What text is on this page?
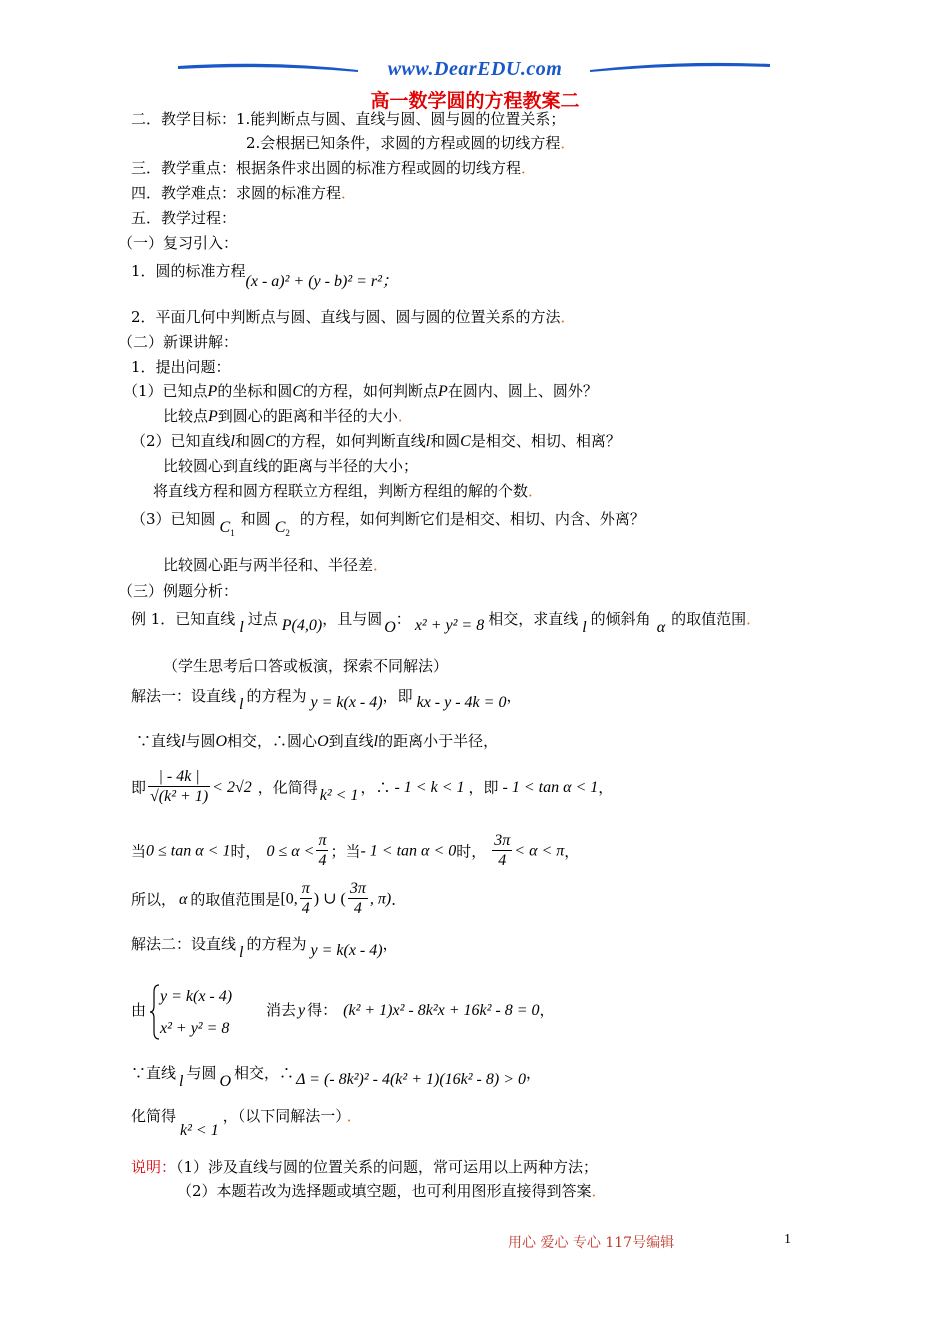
www.DearEDU.com
高一数学圆的方程教案二
二．教学目标：1.能判断点与圆、直线与圆、圆与圆的位置关系；
2.会根据已知条件，求圆的方程或圆的切线方程．
三．教学重点：根据条件求出圆的标准方程或圆的切线方程．
四．教学难点：求圆的标准方程．
五．教学过程：
（一）复习引入：
1．圆的标准方程(x - a)² + (y - b)² = r²；
2．平面几何中判断点与圆、直线与圆、圆与圆的位置关系的方法．
（二）新课讲解：
1．提出问题：
（1）已知点P的坐标和圆C的方程，如何判断点P在圆内、圆上、圆外？
比较点P到圆心的距离和半径的大小．
（2）已知直线l和圆C的方程，如何判断直线l和圆C是相交、相切、相离？
比较圆心到直线的距离与半径的大小；
将直线方程和圆方程联立方程组，判断方程组的解的个数．
（3）已知圆 $C_1$和圆 $C_2$的方程，如何判断它们是相交、相切、内含、外离？
比较圆心距与两半径和、半径差．
（三）例题分析：
例 1．已知直线 l 过点 P(4,0)，且与圆 O： x² + y² = 8 相交，求直线 l 的倾斜角 α 的取值范围．
（学生思考后口答或板演，探索不同解法）
解法一：设直线 l 的方程为 y = k(x - 4)，即 kx - y - 4k = 0，
∵直线l与圆O相交，∴圆心O到直线l的距离小于半径，
即 $\frac{| - 4k |}{\text{√(k² + 1)}} < 2√2$ ，化简得 k² < 1 ，∴ - 1 < k < 1 ，即 - 1 < tan α < 1，
当0 ≤ tan α < 1时， $0 \le \alpha < \frac{\pi}{4}$ ；当- 1 < tan α < 0时， $\frac{3\pi}{4} < \alpha < \pi$，
所以， α 的取值范围是[0, $\frac{\pi}{4}$ ) ∪ ( $\frac{3\pi}{4}$ , π)．
解法二：设直线 l 的方程为 y = k(x - 4)，
由
y = k(x - 4)
x² + y² = 8
消去 y 得： (k² + 1)x² - 8k²x + 16k² - 8 = 0，
∵直线 l 与圆 O 相交，∴ Δ = (- 8k²)² - 4(k² + 1)(16k² - 8) > 0，
化简得k² < 1，（以下同解法一） ．
说明：（1）涉及直线与圆的位置关系的问题，常可运用以上两种方法；
（2）本题若改为选择题或填空题，也可利用图形直接得到答案．
用心 爱心 专心 117号编辑	1
